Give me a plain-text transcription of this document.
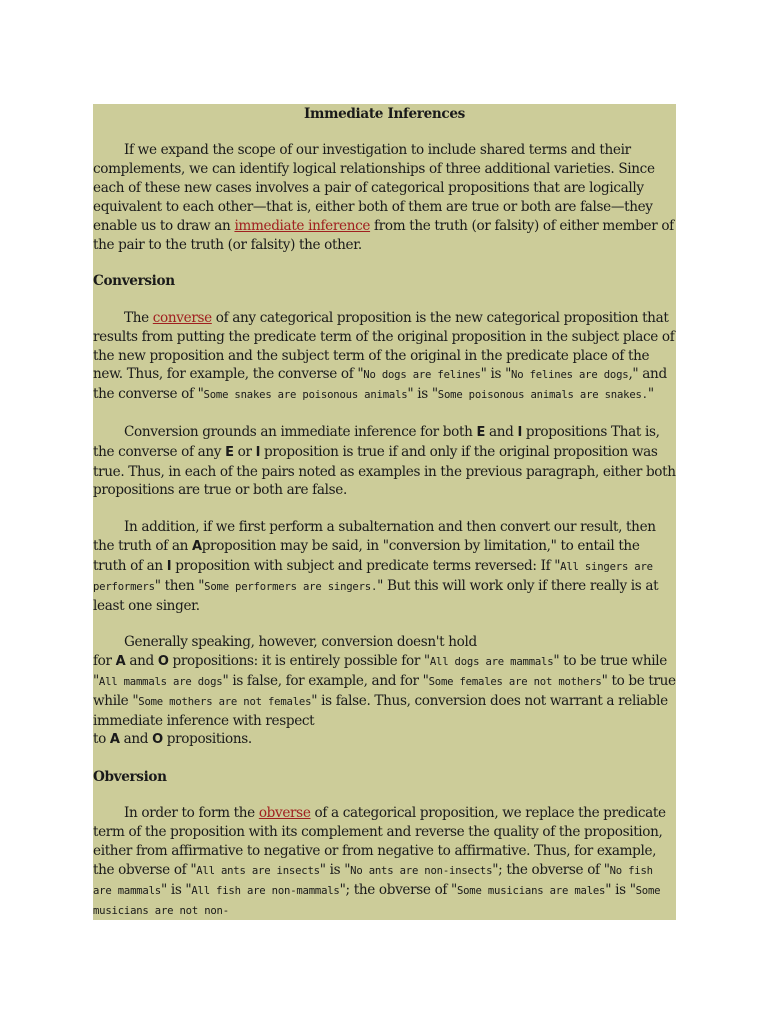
Immediate Inferences

If we expand the scope of our investigation to include shared terms and their complements, we can identify logical relationships of three additional varieties. Since each of these new cases involves a pair of categorical propositions that are logically equivalent to each other—that is, either both of them are true or both are false—they enable us to draw an immediate inference from the truth (or falsity) of either member of the pair to the truth (or falsity) the other.

Conversion

The converse of any categorical proposition is the new categorical proposition that results from putting the predicate term of the original proposition in the subject place of the new proposition and the subject term of the original in the predicate place of the new. Thus, for example, the converse of "No dogs are felines" is "No felines are dogs," and the converse of "Some snakes are poisonous animals" is "Some poisonous animals are snakes."

Conversion grounds an immediate inference for both E and I propositions That is, the converse of any E or I proposition is true if and only if the original proposition was true. Thus, in each of the pairs noted as examples in the previous paragraph, either both propositions are true or both are false.

In addition, if we first perform a subalternation and then convert our result, then the truth of an Aproposition may be said, in "conversion by limitation," to entail the truth of an I proposition with subject and predicate terms reversed: If "All singers are performers" then "Some performers are singers." But this will work only if there really is at least one singer.

Generally speaking, however, conversion doesn't hold
for A and O propositions: it is entirely possible for "All dogs are mammals" to be true while "All mammals are dogs" is false, for example, and for "Some females are not mothers" to be true while "Some mothers are not females" is false. Thus, conversion does not warrant a reliable immediate inference with respect
to A and O propositions.

Obversion

In order to form the obverse of a categorical proposition, we replace the predicate term of the proposition with its complement and reverse the quality of the proposition, either from affirmative to negative or from negative to affirmative. Thus, for example, the obverse of "All ants are insects" is "No ants are non-insects"; the obverse of "No fish are mammals" is "All fish are non-mammals"; the obverse of "Some musicians are males" is "Some musicians are not non-
